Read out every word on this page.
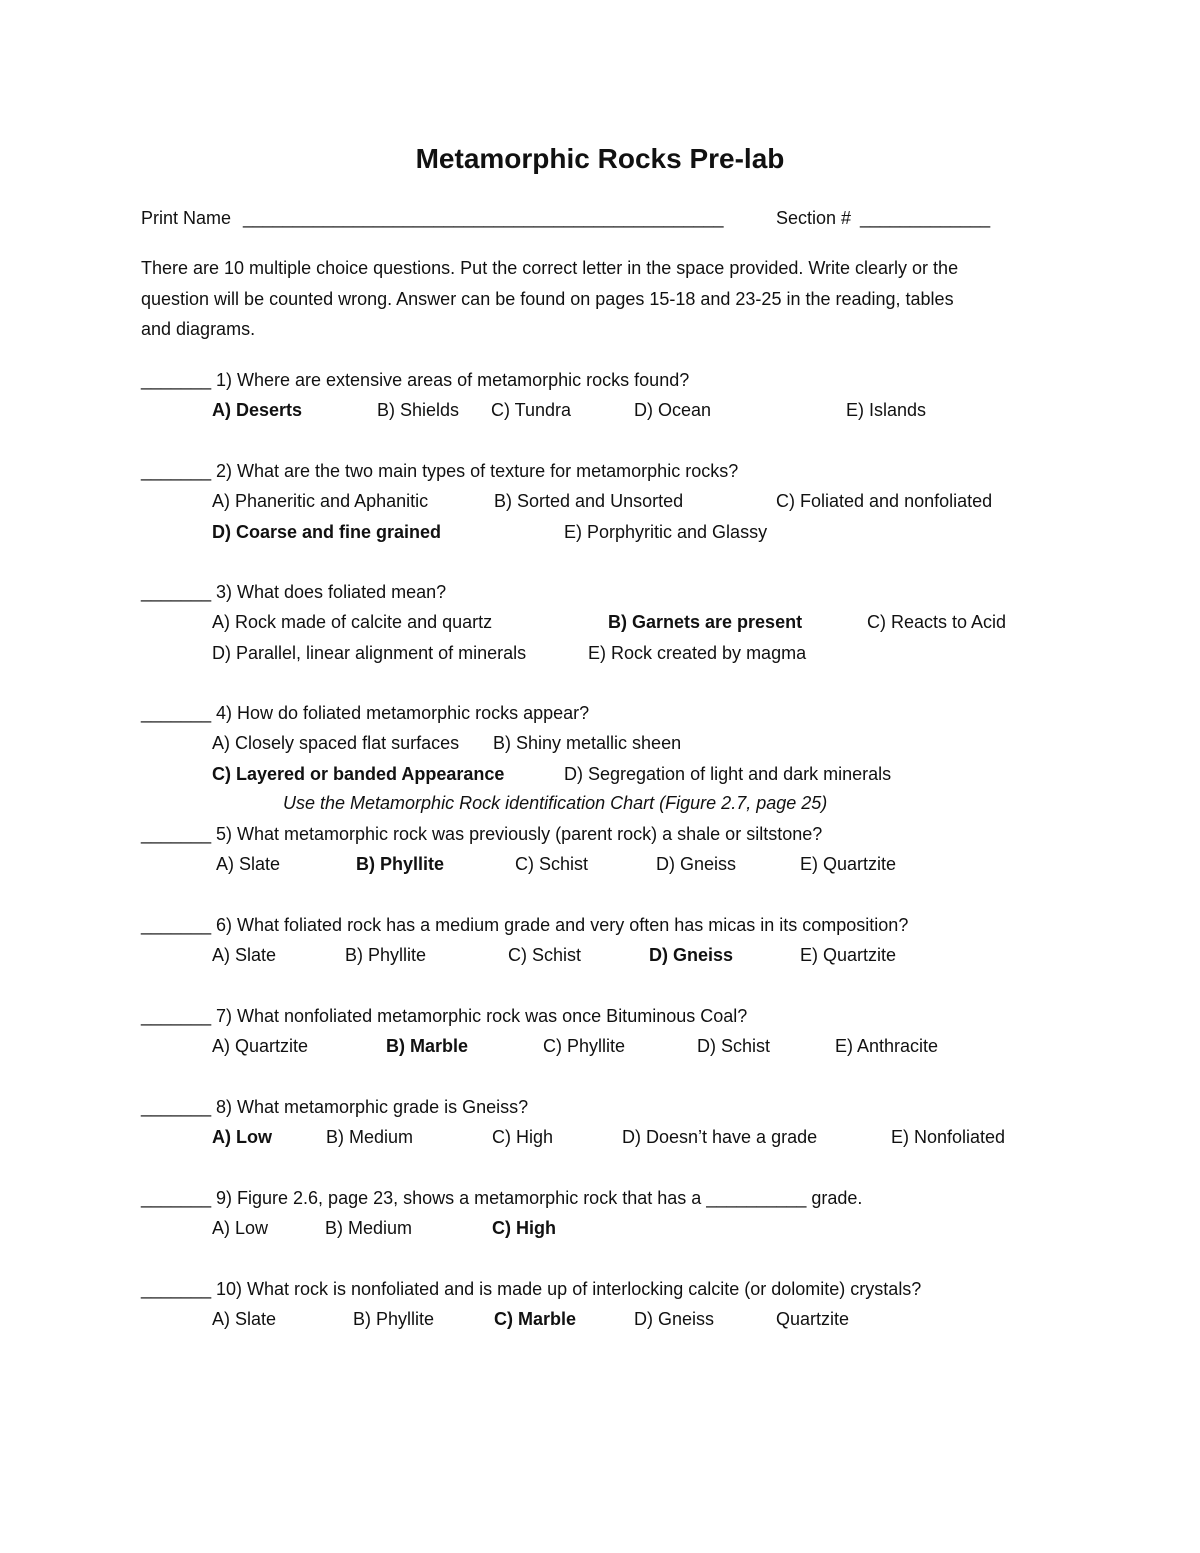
Metamorphic Rocks Pre-lab
Print Name ________________________________________________	Section # _____________
There are 10 multiple choice questions. Put the correct letter in the space provided. Write clearly or the
question will be counted wrong. Answer can be found on pages 15-18 and 23-25 in the reading, tables
and diagrams.
_______ 1) Where are extensive areas of metamorphic rocks found?
A) Deserts	B) Shields C) Tundra	D) Ocean	E) Islands
_______ 2) What are the two main types of texture for metamorphic rocks?
A) Phaneritic and Aphanitic	B) Sorted and Unsorted	C) Foliated and nonfoliated
D) Coarse and fine grained	E) Porphyritic and Glassy
_______ 3) What does foliated mean?
A) Rock made of calcite and quartz	B) Garnets are present	C) Reacts to Acid
D) Parallel, linear alignment of minerals	E) Rock created by magma
_______ 4) How do foliated metamorphic rocks appear?
A) Closely spaced flat surfaces B) Shiny metallic sheen
C) Layered or banded Appearance	D) Segregation of light and dark minerals
Use the Metamorphic Rock identification Chart (Figure 2.7, page 25)
_______ 5) What metamorphic rock was previously (parent rock) a shale or siltstone?
A) Slate	B) Phyllite	C) Schist	D) Gneiss	E) Quartzite
_______ 6) What foliated rock has a medium grade and very often has micas in its composition?
A) Slate	B) Phyllite	C) Schist	D) Gneiss	E) Quartzite
_______ 7) What nonfoliated metamorphic rock was once Bituminous Coal?
A) Quartzite	B) Marble	C) Phyllite	D) Schist	E) Anthracite
_______ 8) What metamorphic grade is Gneiss?
A) Low	B) Medium	C) High	D) Doesn’t have a grade	E) Nonfoliated
_______ 9) Figure 2.6, page 23, shows a metamorphic rock that has a __________ grade.
A) Low	B) Medium	C) High
_______ 10) What rock is nonfoliated and is made up of interlocking calcite (or dolomite) crystals?
A) Slate	B) Phyllite	C) Marble	D) Gneiss	Quartzite
